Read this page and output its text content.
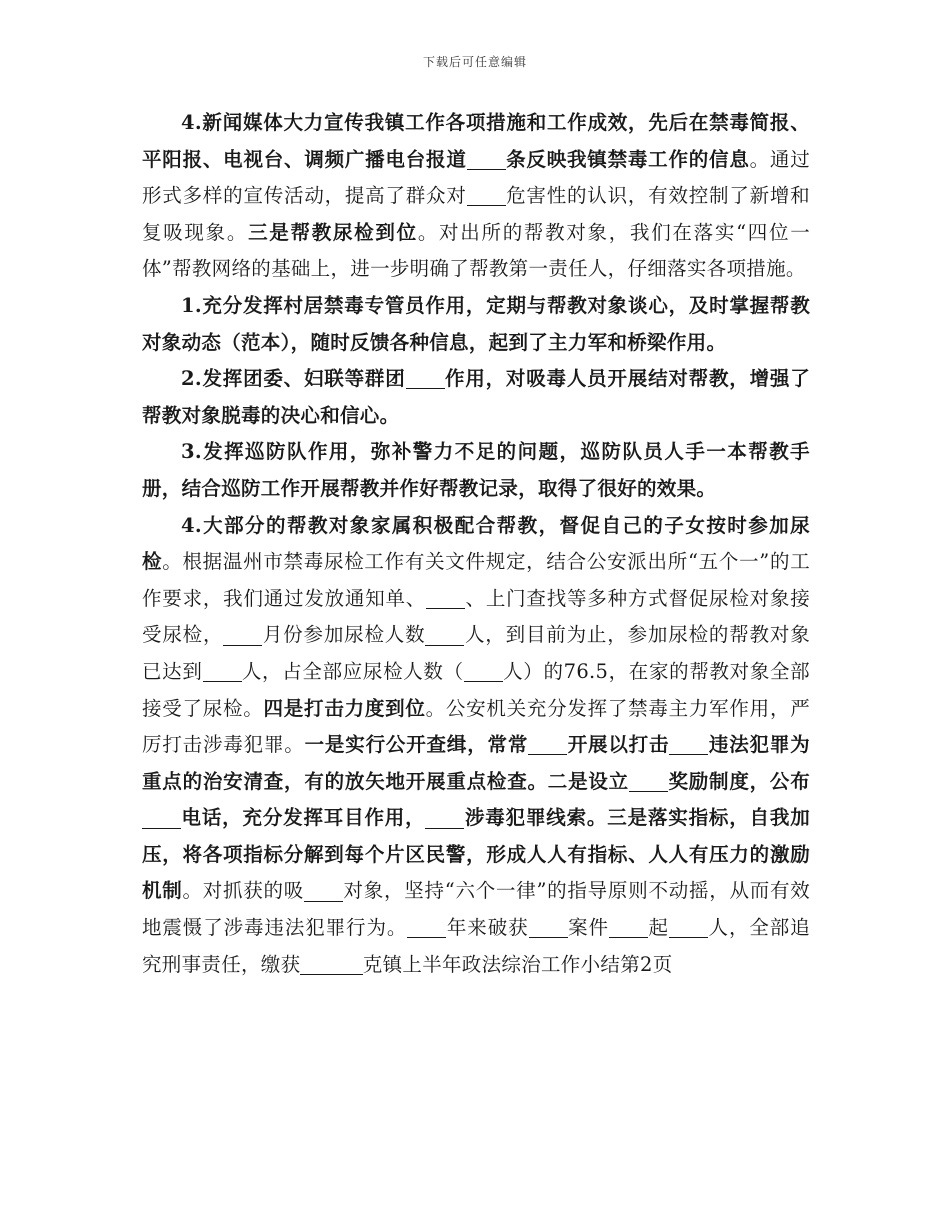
下载后可任意编辑

4.新闻媒体大力宣传我镇工作各项措施和工作成效，先后在禁毒简报、平阳报、电视台、调频广播电台报道 条反映我镇禁毒工作的信息。通过形式多样的宣传活动，提高了群众对 危害性的认识，有效控制了新增和复吸现象。三是帮教尿检到位。对出所的帮教对象，我们在落实“四位一体”帮教网络的基础上，进一步明确了帮教第一责任人，仔细落实各项措施。

1.充分发挥村居禁毒专管员作用，定期与帮教对象谈心，及时掌握帮教对象动态（范本），随时反馈各种信息，起到了主力军和桥梁作用。

2.发挥团委、妇联等群团 作用，对吸毒人员开展结对帮教，增强了帮教对象脱毒的决心和信心。

3.发挥巡防队作用，弥补警力不足的问题，巡防队员人手一本帮教手册，结合巡防工作开展帮教并作好帮教记录，取得了很好的效果。

4.大部分的帮教对象家属积极配合帮教，督促自己的子女按时参加尿检。根据温州市禁毒尿检工作有关文件规定，结合公安派出所“五个一”的工作要求，我们通过发放通知单、 、上门查找等多种方式督促尿检对象接受尿检， 月份参加尿检人数 人，到目前为止，参加尿检的帮教对象已达到 人，占全部应尿检人数（ 人）的76.5，在家的帮教对象全部接受了尿检。四是打击力度到位。公安机关充分发挥了禁毒主力军作用，严厉打击涉毒犯罪。一是实行公开查缉，常常 开展以打击 违法犯罪为重点的治安清查，有的放矢地开展重点检查。二是设立 奖励制度，公布电话，充分发挥耳目作用， 涉毒犯罪线索。三是落实指标，自我加压，将各项指标分解到每个片区民警，形成人人有指标、人人有压力的激励机制。对抓获的吸 对象，坚持“六个一律”的指导原则不动摇，从而有效地震慑了涉毒违法犯罪行为。 年来破获 案件 起 人，全部追究刑事责任，缴获	克镇上半年政法综治工作小结第2页
